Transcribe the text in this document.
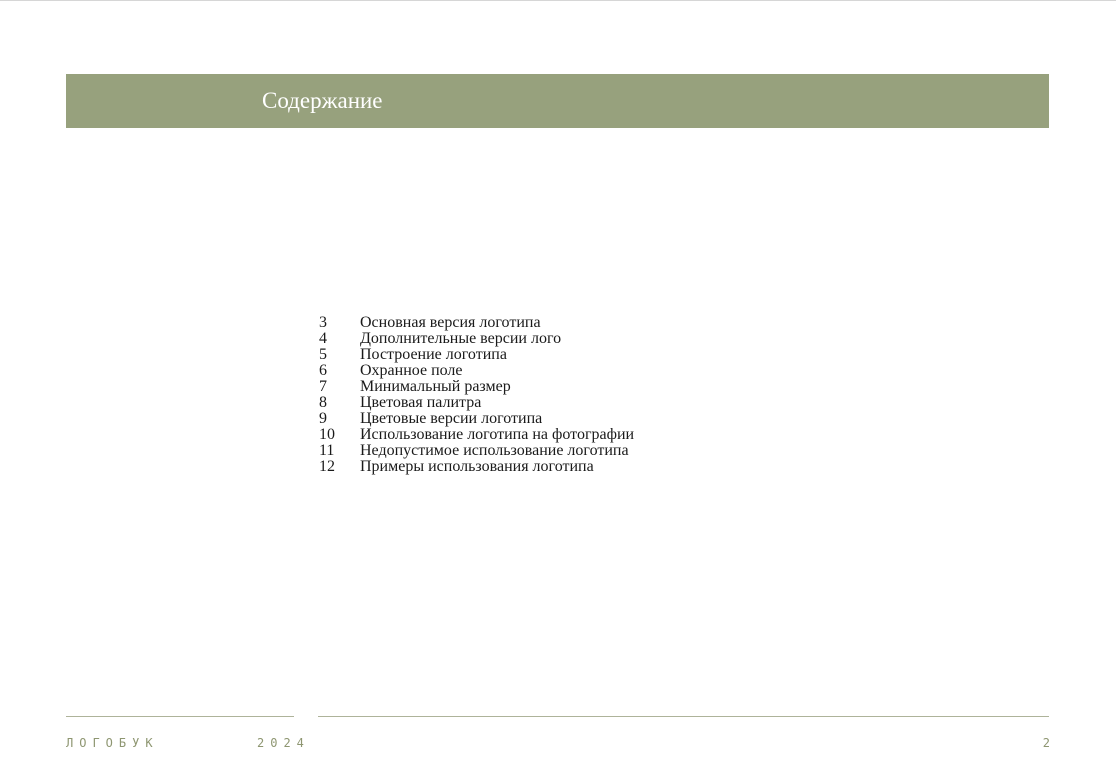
Содержание
3	Основная версия логотипа
4	Дополнительные версии лого
5	Построение логотипа
6	Охранное поле
7	Минимальный размер
8	Цветовая палитра
9	Цветовые версии логотипа
10	Использование логотипа на фотографии
11	Недопустимое использование логотипа
12	Примеры использования логотипа
ЛОГОБУК	2024	2
